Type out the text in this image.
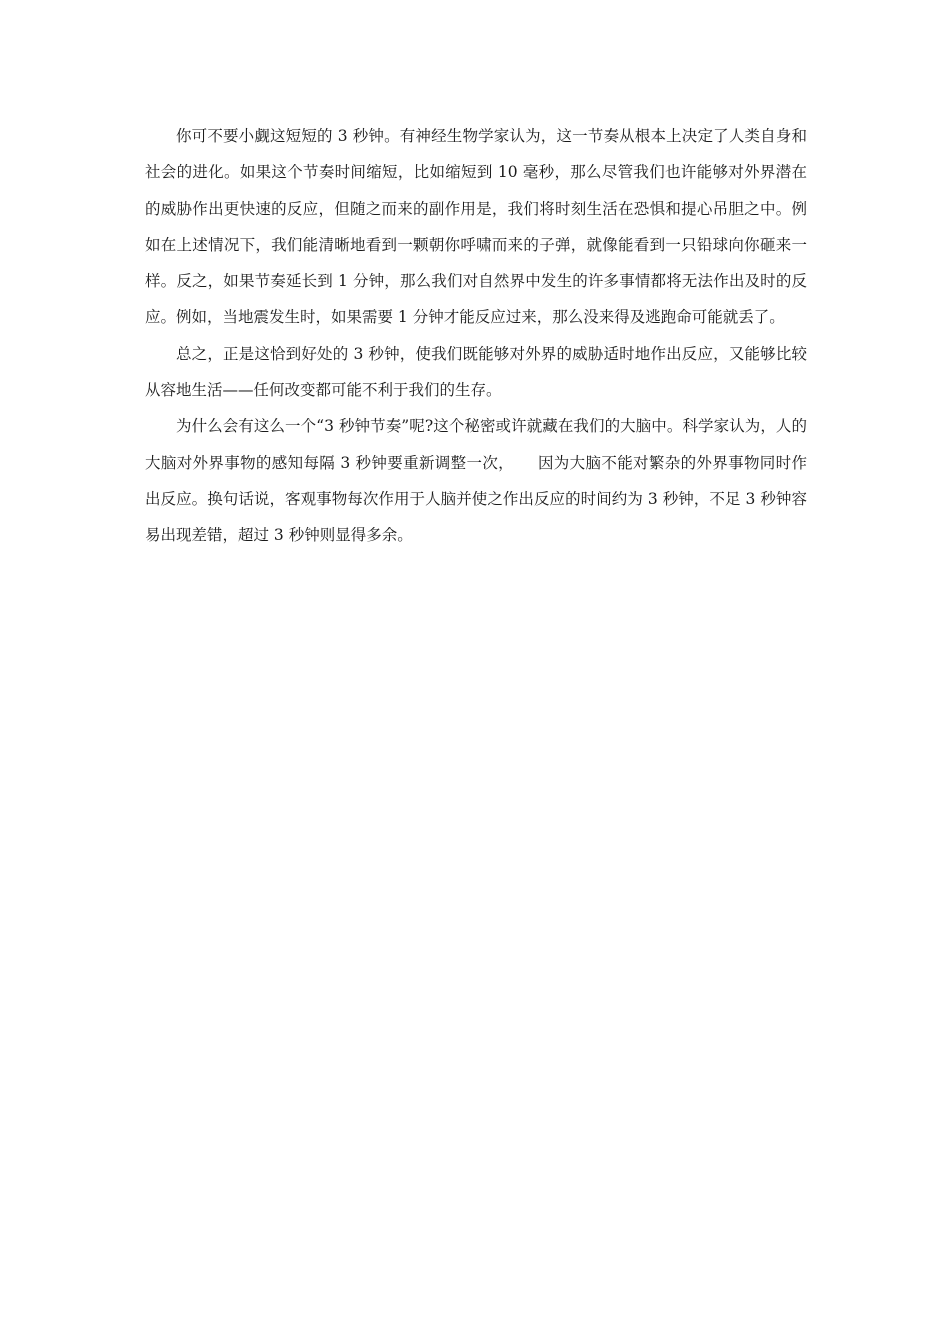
你可不要小觑这短短的 3 秒钟。有神经生物学家认为，这一节奏从根本上决定了人类自身和社会的进化。如果这个节奏时间缩短，比如缩短到 10 毫秒，那么尽管我们也许能够对外界潜在的威胁作出更快速的反应，但随之而来的副作用是，我们将时刻生活在恐惧和提心吊胆之中。例如在上述情况下，我们能清晰地看到一颗朝你呼啸而来的子弹，就像能看到一只铅球向你砸来一样。反之，如果节奏延长到 1 分钟，那么我们对自然界中发生的许多事情都将无法作出及时的反应。例如，当地震发生时，如果需要 1 分钟才能反应过来，那么没来得及逃跑命可能就丢了。

总之，正是这恰到好处的 3 秒钟，使我们既能够对外界的威胁适时地作出反应，又能够比较从容地生活——任何改变都可能不利于我们的生存。

为什么会有这么一个“3 秒钟节奏”呢?这个秘密或许就藏在我们的大脑中。科学家认为，人的大脑对外界事物的感知每隔 3 秒钟要重新调整一次，　　因为大脑不能对繁杂的外界事物同时作出反应。换句话说，客观事物每次作用于人脑并使之作出反应的时间约为 3 秒钟，不足 3 秒钟容易出现差错，超过 3 秒钟则显得多余。
